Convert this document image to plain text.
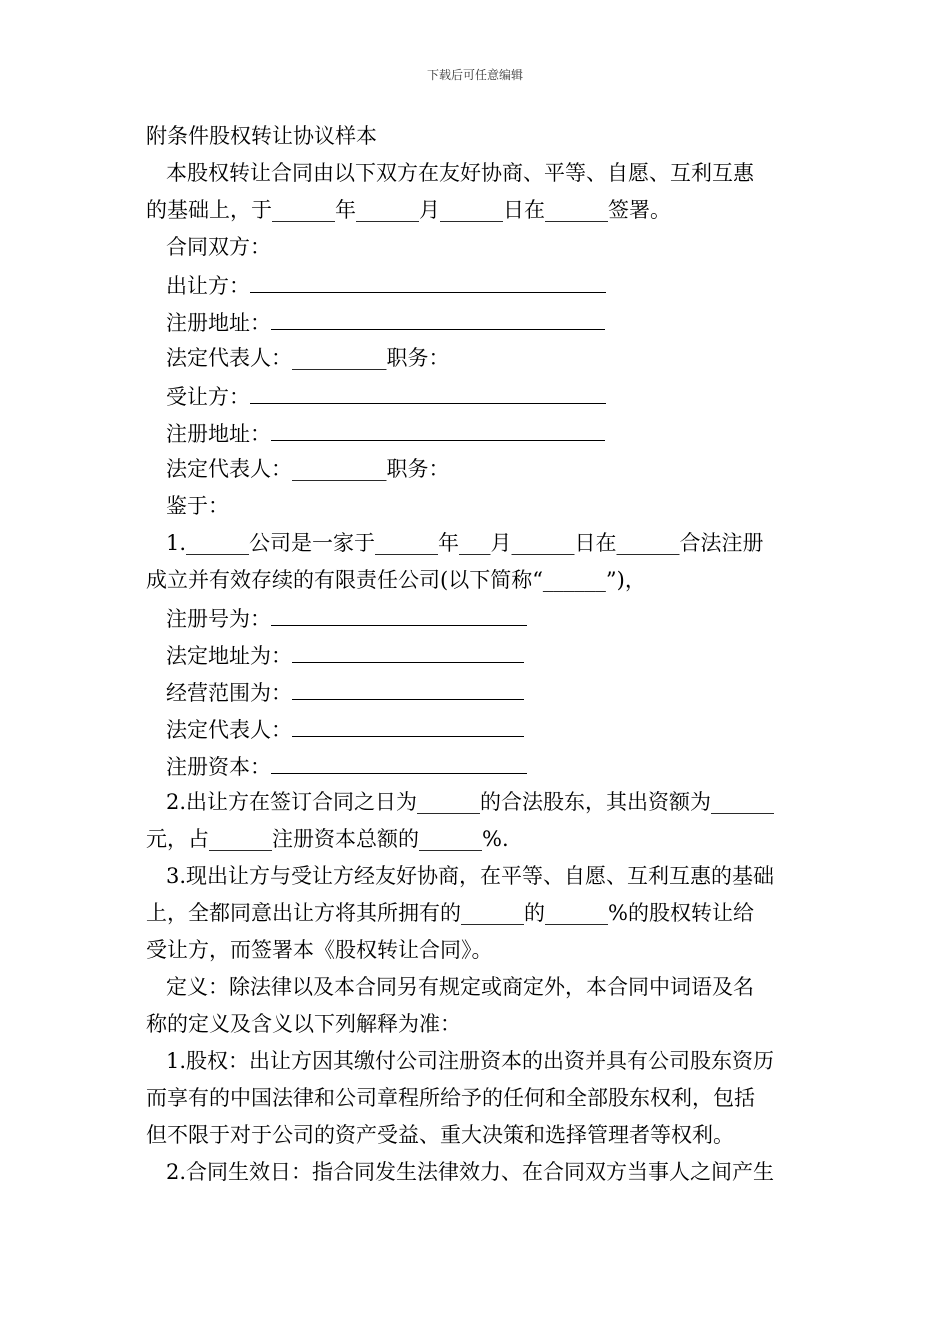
下载后可任意编辑
附条件股权转让协议样本
本股权转让合同由以下双方在友好协商、平等、自愿、互利互惠
的基础上，于______年______月______日在______签署。
合同双方：
出让方：
注册地址：
法定代表人：_________职务：
受让方：
注册地址：
法定代表人：_________职务：
鉴于：
1.______公司是一家于______年___月______日在______合法注册
成立并有效存续的有限责任公司(以下简称“______”)，
注册号为：
法定地址为：
经营范围为：
法定代表人：
注册资本：
2.出让方在签订合同之日为______的合法股东，其出资额为______
元，占______注册资本总额的______%.
3.现出让方与受让方经友好协商，在平等、自愿、互利互惠的基础
上，全都同意出让方将其所拥有的______的______%的股权转让给
受让方，而签署本《股权转让合同》。
定义：除法律以及本合同另有规定或商定外，本合同中词语及名
称的定义及含义以下列解释为准：
1.股权：出让方因其缴付公司注册资本的出资并具有公司股东资历
而享有的中国法律和公司章程所给予的任何和全部股东权利，包括
但不限于对于公司的资产受益、重大决策和选择管理者等权利。
2.合同生效日：指合同发生法律效力、在合同双方当事人之间产生
